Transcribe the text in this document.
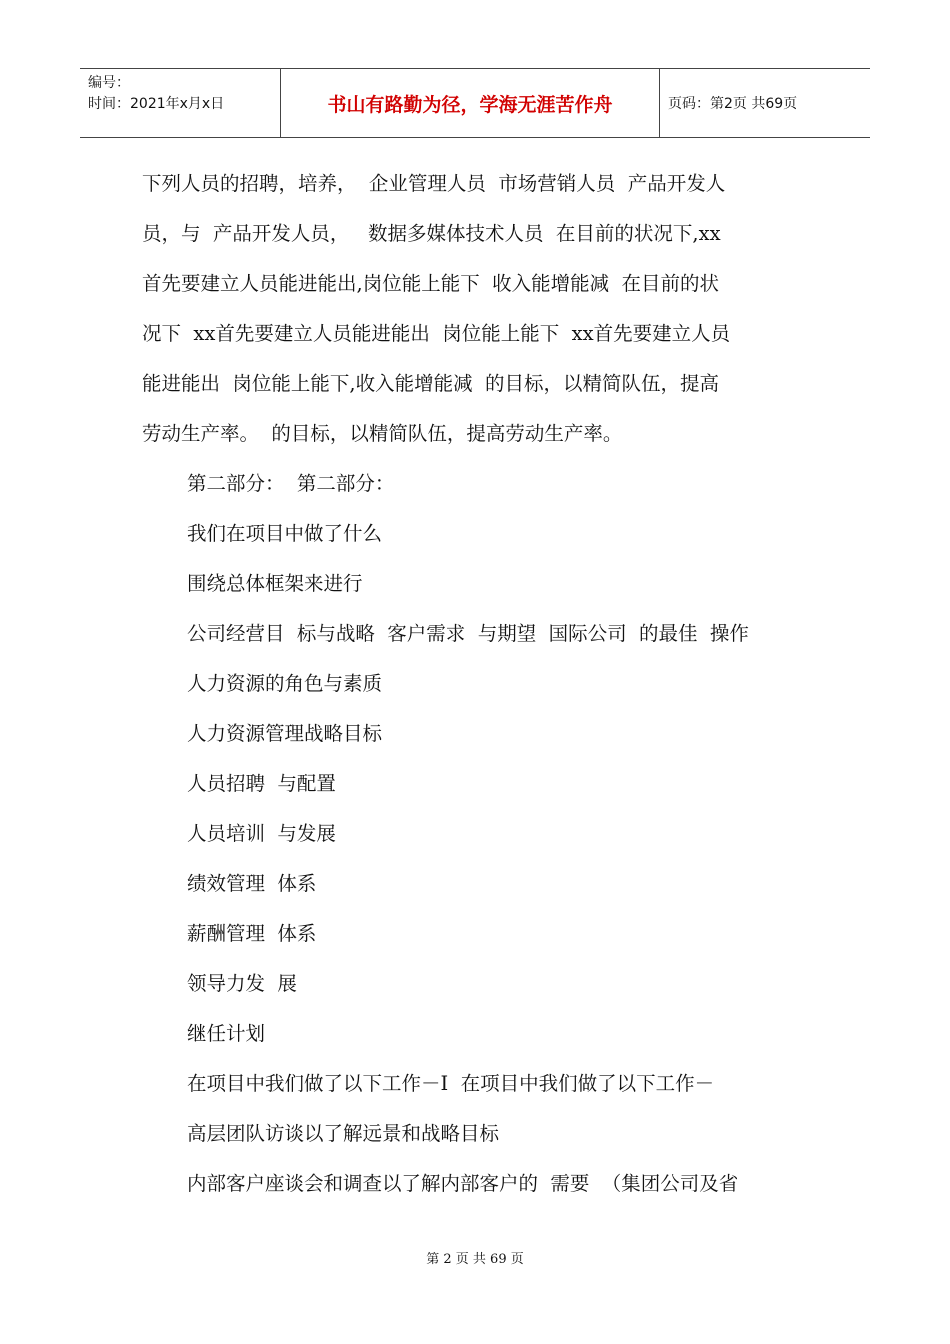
编号：
时间：2021年x月x日	书山有路勤为径，学海无涯苦作舟	页码：第2页 共69页
下列人员的招聘，培养，  企业管理人员  市场营销人员  产品开发人
员，与  产品开发人员，   数据多媒体技术人员  在目前的状况下,xx
首先要建立人员能进能出,岗位能上能下  收入能增能减  在目前的状
况下  xx首先要建立人员能进能出  岗位能上能下  xx首先要建立人员
能进能出  岗位能上能下,收入能增能减  的目标，以精简队伍，提高
劳动生产率。  的目标，以精简队伍，提高劳动生产率。
第二部分：  第二部分：
我们在项目中做了什么
围绕总体框架来进行
公司经营目  标与战略  客户需求  与期望  国际公司  的最佳  操作
人力资源的角色与素质
人力资源管理战略目标
人员招聘  与配置
人员培训  与发展
绩效管理  体系
薪酬管理  体系
领导力发  展
继任计划
在项目中我们做了以下工作－I  在项目中我们做了以下工作－
高层团队访谈以了解远景和战略目标
内部客户座谈会和调查以了解内部客户的  需要  （集团公司及省
第 2 页 共 69 页
